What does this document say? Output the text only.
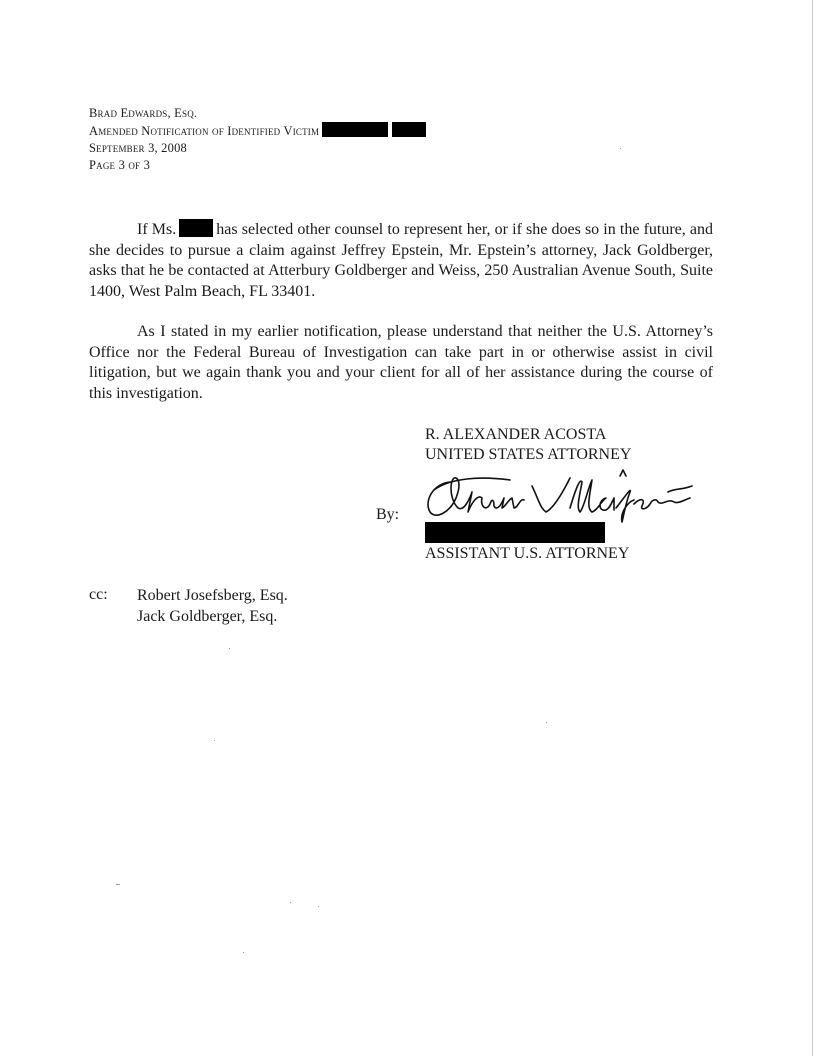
Brad Edwards, Esq.
Amended Notification of Identified Victim
September 3, 2008
Page 3 of 3

If Ms.	has selected other counsel to represent her, or if she does so in the future, and she decides to pursue a claim against Jeffrey Epstein, Mr. Epstein’s attorney, Jack Goldberger, asks that he be contacted at Atterbury Goldberger and Weiss, 250 Australian Avenue South, Suite 1400, West Palm Beach, FL 33401.

As I stated in my earlier notification, please understand that neither the U.S. Attorney’s Office nor the Federal Bureau of Investigation can take part in or otherwise assist in civil litigation, but we again thank you and your client for all of her assistance during the course of this investigation.

R. ALEXANDER ACOSTA
UNITED STATES ATTORNEY
By:
ASSISTANT U.S. ATTORNEY
cc: Robert Josefsberg, Esq.
Jack Goldberger, Esq.
